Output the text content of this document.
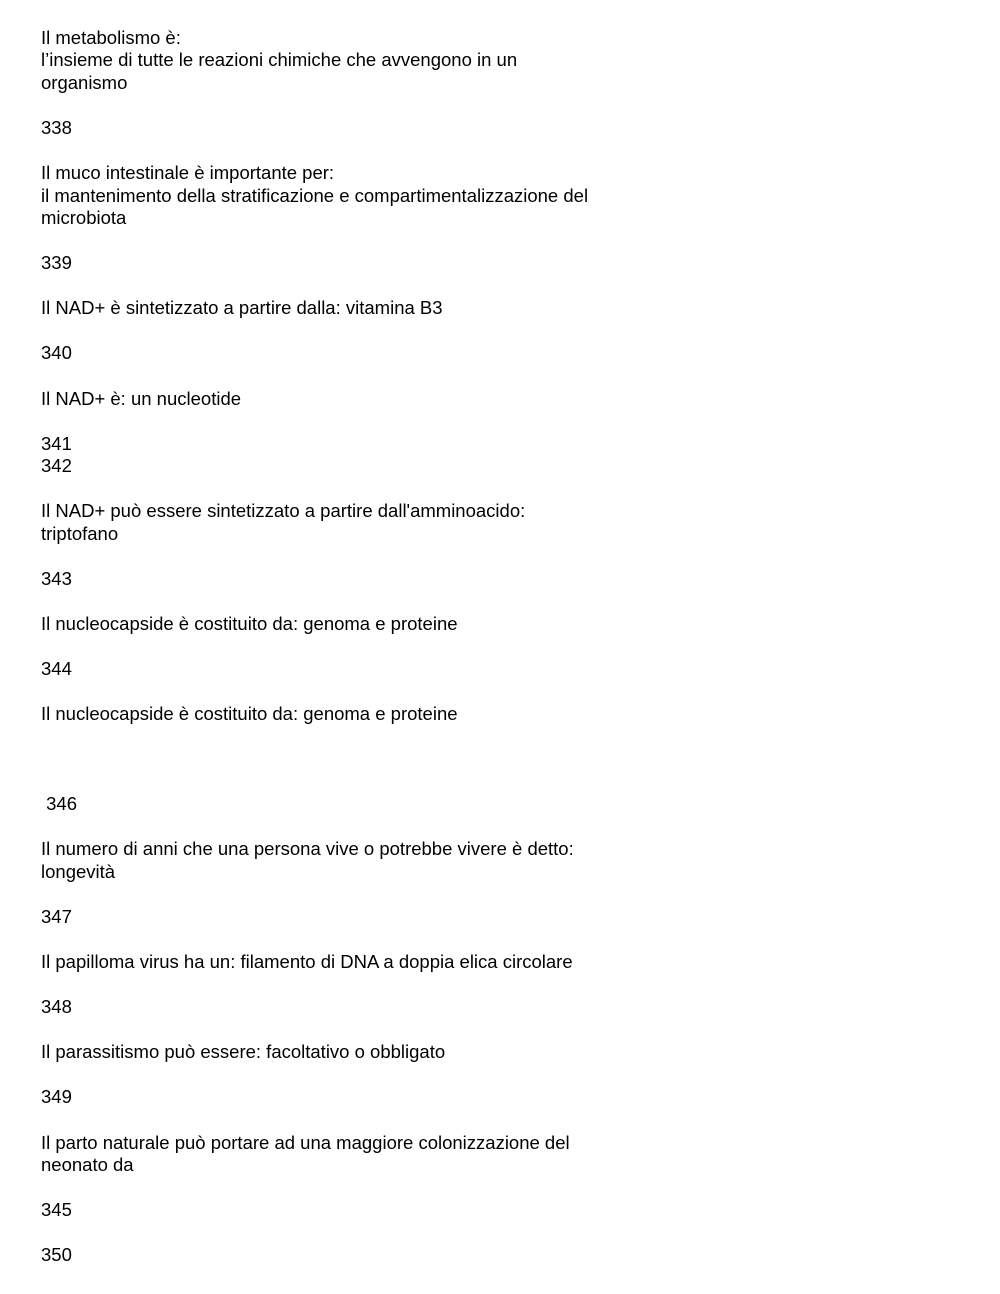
Il metabolismo è:
l’insieme di tutte le reazioni chimiche che avvengono in un
organismo
338
Il muco intestinale è importante per:
il mantenimento della stratificazione e compartimentalizzazione del
microbiota
339
Il NAD+ è sintetizzato a partire dalla: vitamina B3
340
Il NAD+ è: un nucleotide
341
342
Il NAD+ può essere sintetizzato a partire dall'amminoacido:
triptofano
343
Il nucleocapside è costituito da: genoma e proteine
344
Il nucleocapside è costituito da: genoma e proteine
346
Il numero di anni che una persona vive o potrebbe vivere è detto:
longevità
347
Il papilloma virus ha un: filamento di DNA a doppia elica circolare
348
Il parassitismo può essere: facoltativo o obbligato
349
Il parto naturale può portare ad una maggiore colonizzazione del
neonato da
345
350
